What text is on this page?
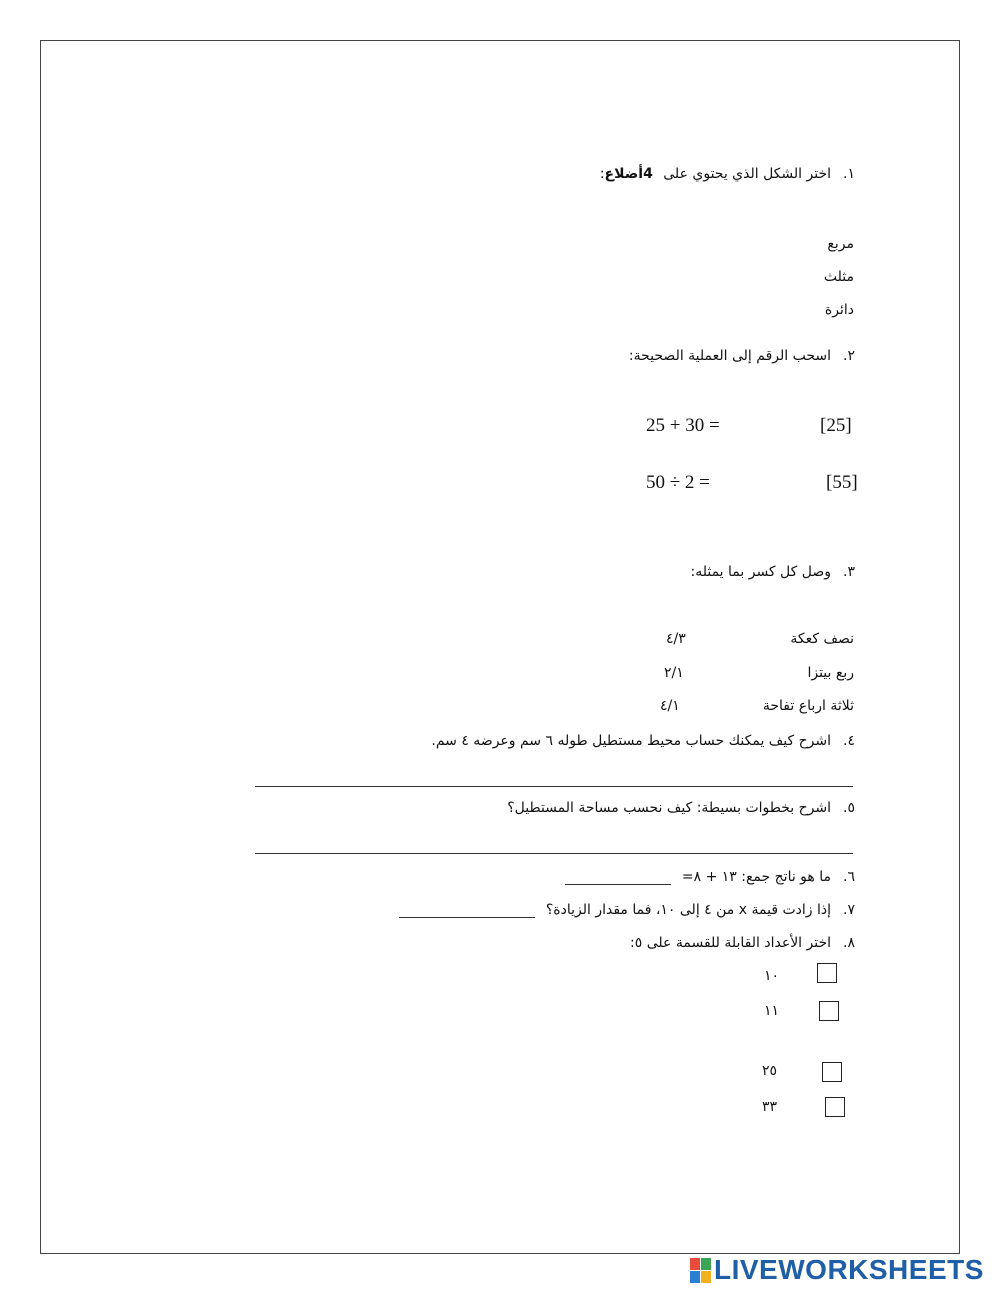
١.اختر الشكل الذي يحتوي على 4أضلاع:
مربع
مثلث
دائرة
٢.اسحب الرقم إلى العملية الصحيحة:
25 + 30 =	[25]
50 ÷ 2 =	[55]
٣.وصل كل كسر بما يمثله:
نصف كعكة
٤/٣
ربع بيتزا
٢/١
ثلاثة ارباع تفاحة
٤/١
٤.اشرح كيف يمكنك حساب محيط مستطيل طوله ٦ سم وعرضه ٤ سم.
٥.اشرح بخطوات بسيطة: كيف نحسب مساحة المستطيل؟
٦.ما هو ناتج جمع: ١٣ + ٨=
٧.إذا زادت قيمة x من ٤ إلى ١٠، فما مقدار الزيادة؟
٨.اختر الأعداد القابلة للقسمة على ٥:
١٠
١١
٢٥
٣٣
LIVEWORKSHEETS
